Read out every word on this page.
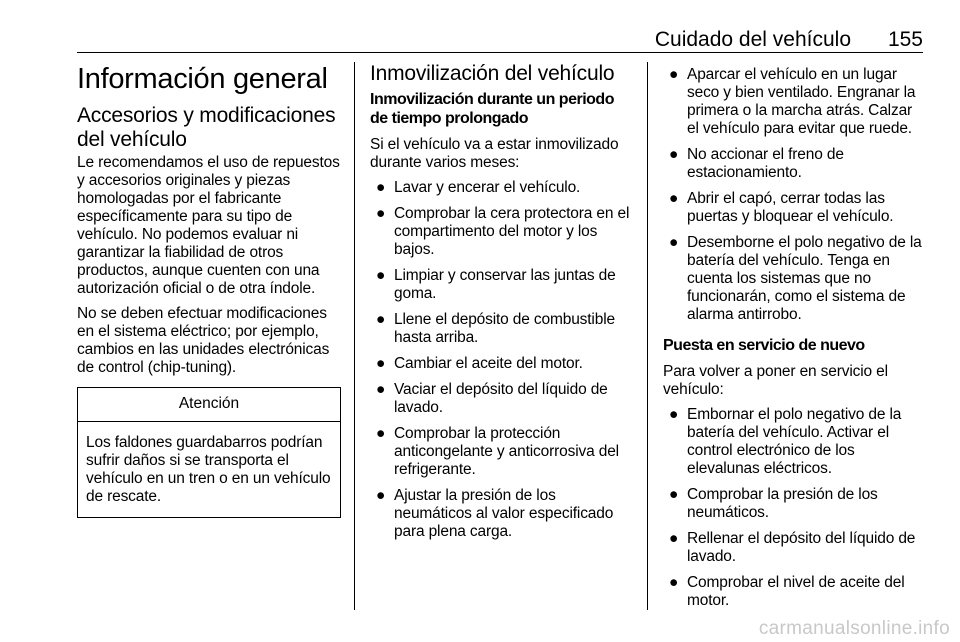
Cuidado del vehículo 155
Información general
Accesorios y modificaciones del vehículo

Le recomendamos el uso de repuestos y accesorios originales y piezas homologadas por el fabricante específicamente para su tipo de vehículo. No podemos evaluar ni garantizar la fiabilidad de otros productos, aunque cuenten con una autorización oficial o de otra índole.

No se deben efectuar modificaciones en el sistema eléctrico; por ejemplo, cambios en las unidades electrónicas de control (chip-tuning).

Atención
Los faldones guardabarros podrían sufrir daños si se transporta el vehículo en un tren o en un vehículo de rescate.
Inmovilización del vehículo
Inmovilización durante un periodo de tiempo prolongado

Si el vehículo va a estar inmovilizado durante varios meses:

● Lavar y encerar el vehículo.
● Comprobar la cera protectora en el compartimento del motor y los bajos.
● Limpiar y conservar las juntas de goma.
● Llene el depósito de combustible hasta arriba.
● Cambiar el aceite del motor.
● Vaciar el depósito del líquido de lavado.
● Comprobar la protección anticongelante y anticorrosiva del refrigerante.
● Ajustar la presión de los neumáticos al valor especificado para plena carga.
● Aparcar el vehículo en un lugar seco y bien ventilado. Engranar la primera o la marcha atrás. Calzar el vehículo para evitar que ruede.
● No accionar el freno de estacionamiento.
● Abrir el capó, cerrar todas las puertas y bloquear el vehículo.
● Desemborne el polo negativo de la batería del vehículo. Tenga en cuenta los sistemas que no funcionarán, como el sistema de alarma antirrobo.
Puesta en servicio de nuevo

Para volver a poner en servicio el vehículo:

● Embornar el polo negativo de la batería del vehículo. Activar el control electrónico de los elevalunas eléctricos.
● Comprobar la presión de los neumáticos.
● Rellenar el depósito del líquido de lavado.
● Comprobar el nivel de aceite del motor.
carmanualsonline.info
